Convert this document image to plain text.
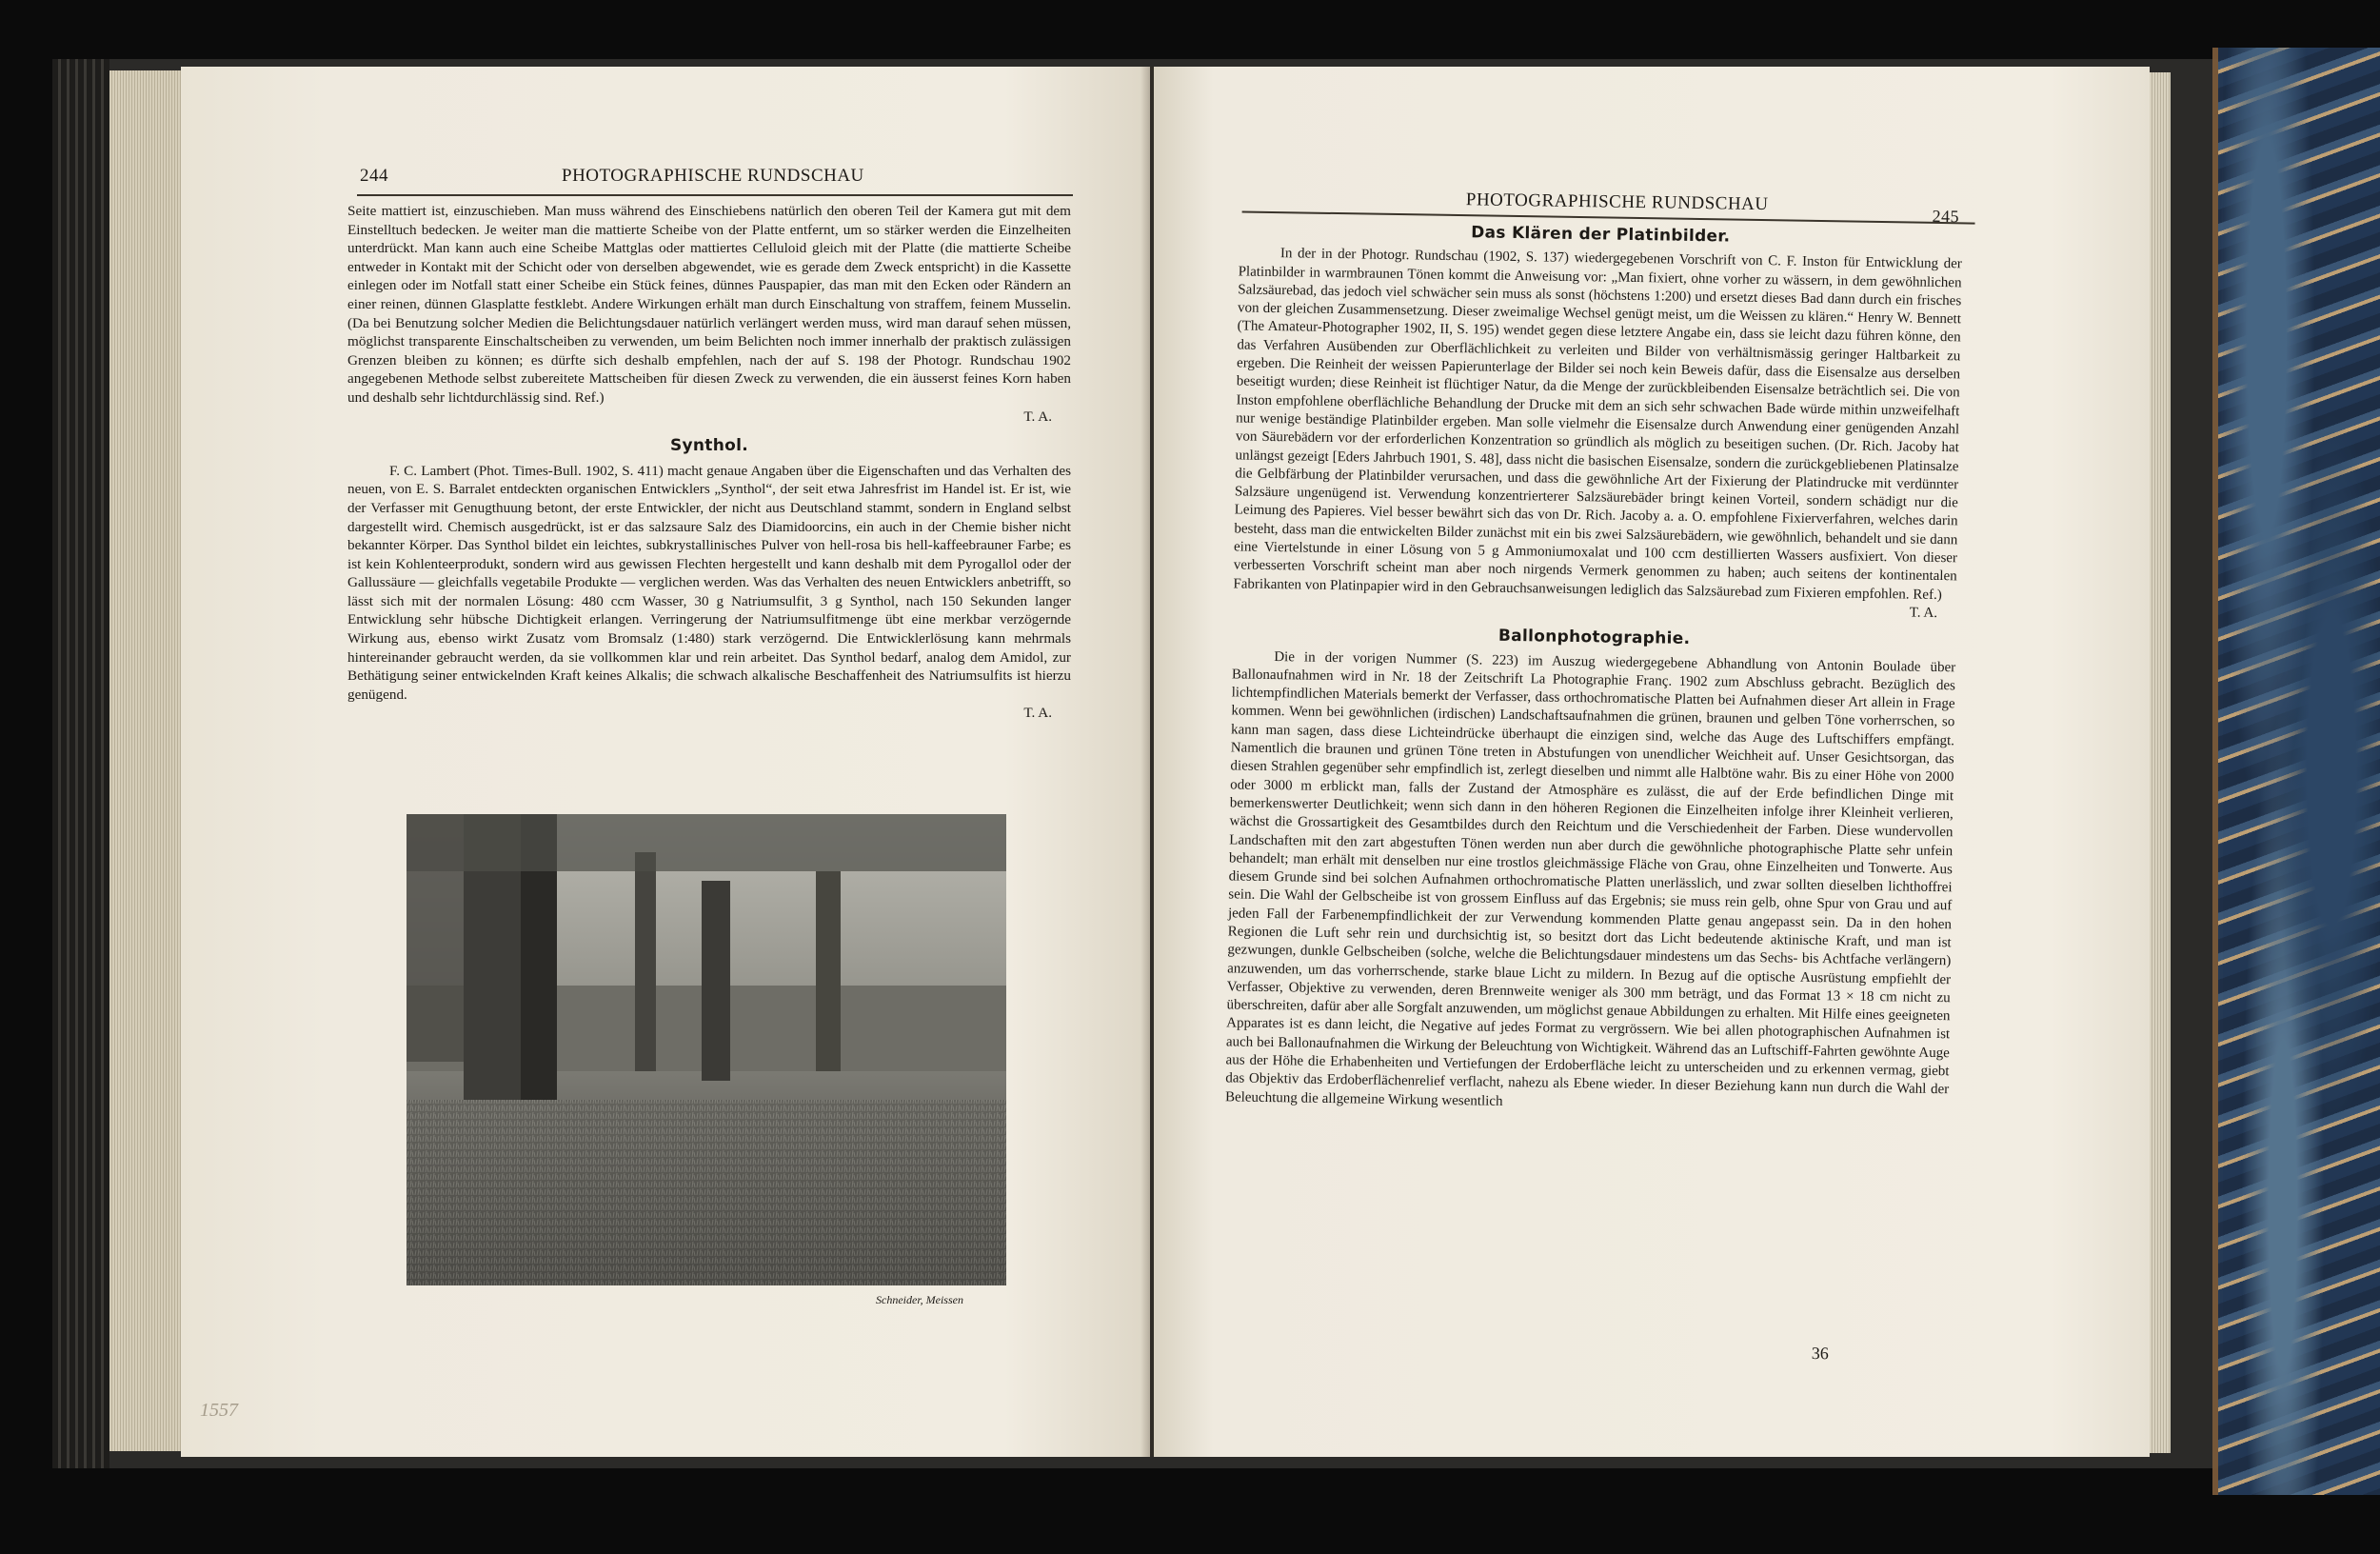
244	PHOTOGRAPHISCHE RUNDSCHAU

Seite mattiert ist, einzuschieben. Man muss während des Einschiebens natürlich den oberen Teil der Kamera gut mit dem Einstelltuch bedecken. Je weiter man die mattierte Scheibe von der Platte entfernt, um so stärker werden die Einzelheiten unterdrückt. Man kann auch eine Scheibe Mattglas oder mattiertes Celluloid gleich mit der Platte (die mattierte Scheibe entweder in Kontakt mit der Schicht oder von derselben abgewendet, wie es gerade dem Zweck entspricht) in die Kassette einlegen oder im Notfall statt einer Scheibe ein Stück feines, dünnes Pauspapier, das man mit den Ecken oder Rändern an einer reinen, dünnen Glasplatte festklebt. Andere Wirkungen erhält man durch Einschaltung von straffem, feinem Musselin. (Da bei Benutzung solcher Medien die Belichtungsdauer natürlich verlängert werden muss, wird man darauf sehen müssen, möglichst transparente Einschaltscheiben zu verwenden, um beim Belichten noch immer innerhalb der praktisch zulässigen Grenzen bleiben zu können; es dürfte sich deshalb empfehlen, nach der auf S. 198 der Photogr. Rundschau 1902 angegebenen Methode selbst zubereitete Mattscheiben für diesen Zweck zu verwenden, die ein äusserst feines Korn haben und deshalb sehr lichtdurchlässig sind. Ref.)

T. A.
Synthol.

F. C. Lambert (Phot. Times-Bull. 1902, S. 411) macht genaue Angaben über die Eigenschaften und das Verhalten des neuen, von E. S. Barralet entdeckten organischen Entwicklers „Synthol“, der seit etwa Jahresfrist im Handel ist. Er ist, wie der Verfasser mit Genugthuung betont, der erste Entwickler, der nicht aus Deutschland stammt, sondern in England selbst dargestellt wird. Chemisch ausgedrückt, ist er das salzsaure Salz des Diamidoorcins, ein auch in der Chemie bisher nicht bekannter Körper. Das Synthol bildet ein leichtes, subkrystallinisches Pulver von hell-rosa bis hell-kaffeebrauner Farbe; es ist kein Kohlenteerprodukt, sondern wird aus gewissen Flechten hergestellt und kann deshalb mit dem Pyrogallol oder der Gallussäure — gleichfalls vegetabile Produkte — verglichen werden. Was das Verhalten des neuen Entwicklers anbetrifft, so lässt sich mit der normalen Lösung: 480 ccm Wasser, 30 g Natriumsulfit, 3 g Synthol, nach 150 Sekunden langer Entwicklung sehr hübsche Dichtigkeit erlangen. Verringerung der Natriumsulfitmenge übt eine merkbar verzögernde Wirkung aus, ebenso wirkt Zusatz vom Bromsalz (1:480) stark verzögernd. Die Entwicklerlösung kann mehrmals hintereinander gebraucht werden, da sie vollkommen klar und rein arbeitet. Das Synthol bedarf, analog dem Amidol, zur Bethätigung seiner entwickelnden Kraft keines Alkalis; die schwach alkalische Beschaffenheit des Natriumsulfits ist hierzu genügend.

T. A.
Schneider, Meissen
1557
PHOTOGRAPHISCHE RUNDSCHAU
245
Das Klären der Platinbilder.

In der in der Photogr. Rundschau (1902, S. 137) wiedergegebenen Vorschrift von C. F. Inston für Entwicklung der Platinbilder in warmbraunen Tönen kommt die Anweisung vor: „Man fixiert, ohne vorher zu wässern, in dem gewöhnlichen Salzsäurebad, das jedoch viel schwächer sein muss als sonst (höchstens 1:200) und ersetzt dieses Bad dann durch ein frisches von der gleichen Zusammensetzung. Dieser zweimalige Wechsel genügt meist, um die Weissen zu klären.“ Henry W. Bennett (The Amateur-Photographer 1902, II, S. 195) wendet gegen diese letztere Angabe ein, dass sie leicht dazu führen könne, den das Verfahren Ausübenden zur Oberflächlichkeit zu verleiten und Bilder von verhältnismässig geringer Haltbarkeit zu ergeben. Die Reinheit der weissen Papierunterlage der Bilder sei noch kein Beweis dafür, dass die Eisensalze aus derselben beseitigt wurden; diese Reinheit ist flüchtiger Natur, da die Menge der zurückbleibenden Eisensalze beträchtlich sei. Die von Inston empfohlene oberflächliche Behandlung der Drucke mit dem an sich sehr schwachen Bade würde mithin unzweifelhaft nur wenige beständige Platinbilder ergeben. Man solle vielmehr die Eisensalze durch Anwendung einer genügenden Anzahl von Säurebädern vor der erforderlichen Konzentration so gründlich als möglich zu beseitigen suchen. (Dr. Rich. Jacoby hat unlängst gezeigt [Eders Jahrbuch 1901, S. 48], dass nicht die basischen Eisensalze, sondern die zurückgebliebenen Platinsalze die Gelbfärbung der Platinbilder verursachen, und dass die gewöhnliche Art der Fixierung der Platindrucke mit verdünnter Salzsäure ungenügend ist. Verwendung konzentrierterer Salzsäurebäder bringt keinen Vorteil, sondern schädigt nur die Leimung des Papieres. Viel besser bewährt sich das von Dr. Rich. Jacoby a. a. O. empfohlene Fixierverfahren, welches darin besteht, dass man die entwickelten Bilder zunächst mit ein bis zwei Salzsäurebädern, wie gewöhnlich, behandelt und sie dann eine Viertelstunde in einer Lösung von 5 g Ammoniumoxalat und 100 ccm destillierten Wassers ausfixiert. Von dieser verbesserten Vorschrift scheint man aber noch nirgends Vermerk genommen zu haben; auch seitens der kontinentalen Fabrikanten von Platinpapier wird in den Gebrauchsanweisungen lediglich das Salzsäurebad zum Fixieren empfohlen. Ref.)

T. A.
Ballonphotographie.

Die in der vorigen Nummer (S. 223) im Auszug wiedergegebene Abhandlung von Antonin Boulade über Ballonaufnahmen wird in Nr. 18 der Zeitschrift La Photographie Franç. 1902 zum Abschluss gebracht. Bezüglich des lichtempfindlichen Materials bemerkt der Verfasser, dass orthochromatische Platten bei Aufnahmen dieser Art allein in Frage kommen. Wenn bei gewöhnlichen (irdischen) Landschaftsaufnahmen die grünen, braunen und gelben Töne vorherrschen, so kann man sagen, dass diese Lichteindrücke überhaupt die einzigen sind, welche das Auge des Luftschiffers empfängt. Namentlich die braunen und grünen Töne treten in Abstufungen von unendlicher Weichheit auf. Unser Gesichtsorgan, das diesen Strahlen gegenüber sehr empfindlich ist, zerlegt dieselben und nimmt alle Halbtöne wahr. Bis zu einer Höhe von 2000 oder 3000 m erblickt man, falls der Zustand der Atmosphäre es zulässt, die auf der Erde befindlichen Dinge mit bemerkenswerter Deutlichkeit; wenn sich dann in den höheren Regionen die Einzelheiten infolge ihrer Kleinheit verlieren, wächst die Grossartigkeit des Gesamtbildes durch den Reichtum und die Verschiedenheit der Farben. Diese wundervollen Landschaften mit den zart abgestuften Tönen werden nun aber durch die gewöhnliche photographische Platte sehr unfein behandelt; man erhält mit denselben nur eine trostlos gleichmässige Fläche von Grau, ohne Einzelheiten und Tonwerte. Aus diesem Grunde sind bei solchen Aufnahmen orthochromatische Platten unerlässlich, und zwar sollten dieselben lichthoffrei sein. Die Wahl der Gelbscheibe ist von grossem Einfluss auf das Ergebnis; sie muss rein gelb, ohne Spur von Grau und auf jeden Fall der Farbenempfindlichkeit der zur Verwendung kommenden Platte genau angepasst sein. Da in den hohen Regionen die Luft sehr rein und durchsichtig ist, so besitzt dort das Licht bedeutende aktinische Kraft, und man ist gezwungen, dunkle Gelbscheiben (solche, welche die Belichtungsdauer mindestens um das Sechs- bis Achtfache verlängern) anzuwenden, um das vorherrschende, starke blaue Licht zu mildern. In Bezug auf die optische Ausrüstung empfiehlt der Verfasser, Objektive zu verwenden, deren Brennweite weniger als 300 mm beträgt, und das Format 13 × 18 cm nicht zu überschreiten, dafür aber alle Sorgfalt anzuwenden, um möglichst genaue Abbildungen zu erhalten. Mit Hilfe eines geeigneten Apparates ist es dann leicht, die Negative auf jedes Format zu vergrössern. Wie bei allen photographischen Aufnahmen ist auch bei Ballonaufnahmen die Wirkung der Beleuchtung von Wichtigkeit. Während das an Luftschiff-Fahrten gewöhnte Auge aus der Höhe die Erhabenheiten und Vertiefungen der Erdoberfläche leicht zu unterscheiden und zu erkennen vermag, giebt das Objektiv das Erdoberflächenrelief verflacht, nahezu als Ebene wieder. In dieser Beziehung kann nun durch die Wahl der Beleuchtung die allgemeine Wirkung wesentlich

36
